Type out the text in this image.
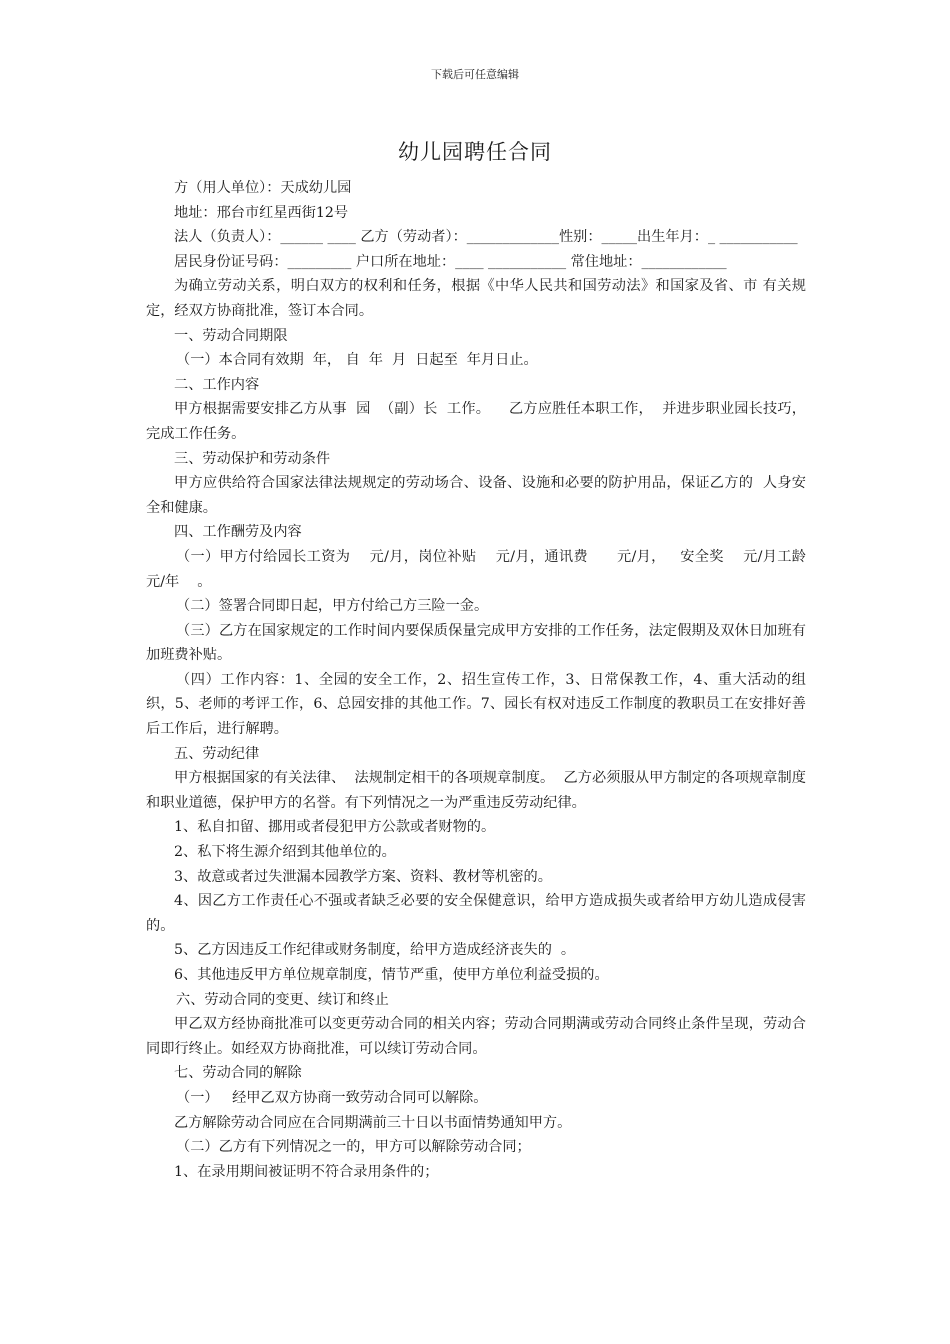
下载后可任意编辑
幼儿园聘任合同

方（用人单位）：天成幼儿园

地址：邢台市红星西街12号

法人（负责人）：______ ____ 乙方（劳动者）：_____________性别：_____出生年月：_ ___________

居民身份证号码：_________ 户口所在地址：____ ___________ 常住地址：____________

为确立劳动关系，明白双方的权利和任务，根据《中华人民共和国劳动法》和国家及省、市 有关规定，经双方协商批准，签订本合同。

一、劳动合同期限

（一）本合同有效期  年， 自  年  月  日起至  年月日止。

二、工作内容

甲方根据需要安排乙方从事  园  （副）长  工作。    乙方应胜任本职工作，  并进步职业园长技巧，   完成工作任务。

三、劳动保护和劳动条件

甲方应供给符合国家法律法规规定的劳动场合、设备、设施和必要的防护用品，保证乙方的  人身安全和健康。

四、工作酬劳及内容

（一）甲方付给园长工资为    元/月，岗位补贴    元/月，通讯费      元/月，   安全奖    元/月工龄    元/年    。

（二）签署合同即日起，甲方付给己方三险一金。

（三）乙方在国家规定的工作时间内要保质保量完成甲方安排的工作任务，法定假期及双休日加班有加班费补贴。

（四）工作内容：1、全园的安全工作，2、招生宣传工作，3、日常保教工作，4、重大活动的组织，5、老师的考评工作，6、总园安排的其他工作。7、园长有权对违反工作制度的教职员工在安排好善后工作后，进行解聘。

五、劳动纪律

甲方根据国家的有关法律、  法规制定相干的各项规章制度。  乙方必须服从甲方制定的各项规章制度和职业道德，保护甲方的名誉。有下列情况之一为严重违反劳动纪律。

1、私自扣留、挪用或者侵犯甲方公款或者财物的。

2、私下将生源介绍到其他单位的。

3、故意或者过失泄漏本园教学方案、资料、教材等机密的。

4、因乙方工作责任心不强或者缺乏必要的安全保健意识，给甲方造成损失或者给甲方幼儿造成侵害的。

5、乙方因违反工作纪律或财务制度，给甲方造成经济丧失的  。

6、其他违反甲方单位规章制度，情节严重，使甲方单位利益受损的。

六、劳动合同的变更、续订和终止

甲乙双方经协商批准可以变更劳动合同的相关内容；劳动合同期满或劳动合同终止条件呈现，劳动合同即行终止。如经双方协商批准，可以续订劳动合同。

七、劳动合同的解除

（一）   经甲乙双方协商一致劳动合同可以解除。

乙方解除劳动合同应在合同期满前三十日以书面情势通知甲方。

（二）乙方有下列情况之一的，甲方可以解除劳动合同；

1、在录用期间被证明不符合录用条件的；
